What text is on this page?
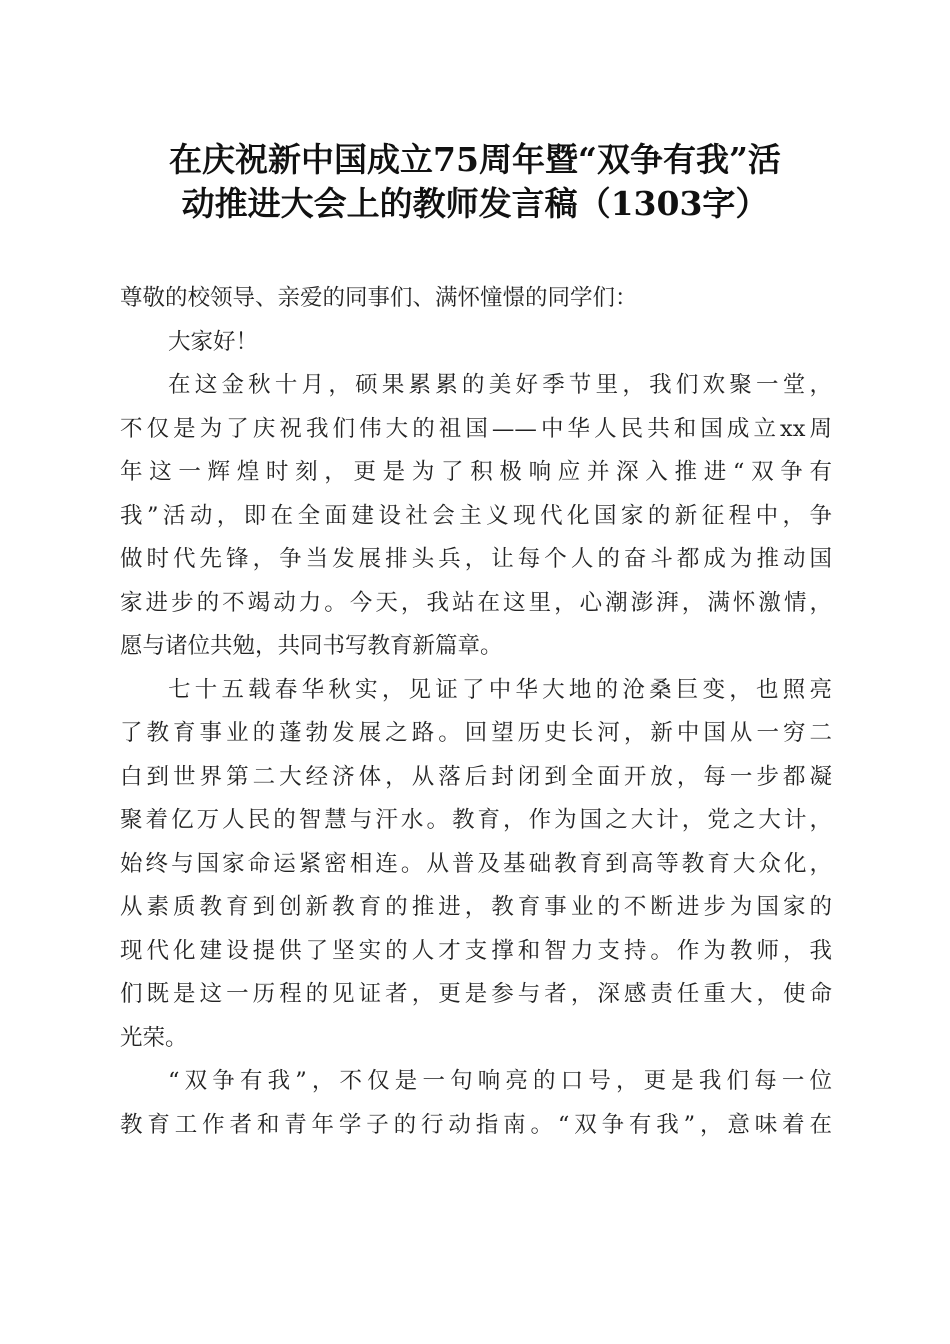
在庆祝新中国成立75周年暨“双争有我”活
动推进大会上的教师发言稿（1303字）
尊敬的校领导、亲爱的同事们、满怀憧憬的同学们：
大家好！
在这金秋十月，硕果累累的美好季节里，我们欢聚一堂，
不仅是为了庆祝我们伟大的祖国——中华人民共和国成立xx周
年这一辉煌时刻，更是为了积极响应并深入推进“双争有
我”活动，即在全面建设社会主义现代化国家的新征程中，争
做时代先锋，争当发展排头兵，让每个人的奋斗都成为推动国
家进步的不竭动力。今天，我站在这里，心潮澎湃，满怀激情，
愿与诸位共勉，共同书写教育新篇章。
七十五载春华秋实，见证了中华大地的沧桑巨变，也照亮
了教育事业的蓬勃发展之路。回望历史长河，新中国从一穷二
白到世界第二大经济体，从落后封闭到全面开放，每一步都凝
聚着亿万人民的智慧与汗水。教育，作为国之大计，党之大计，
始终与国家命运紧密相连。从普及基础教育到高等教育大众化，
从素质教育到创新教育的推进，教育事业的不断进步为国家的
现代化建设提供了坚实的人才支撑和智力支持。作为教师，我
们既是这一历程的见证者，更是参与者，深感责任重大，使命
光荣。
“双争有我”，不仅是一句响亮的口号，更是我们每一位
教育工作者和青年学子的行动指南。“双争有我”，意味着在
